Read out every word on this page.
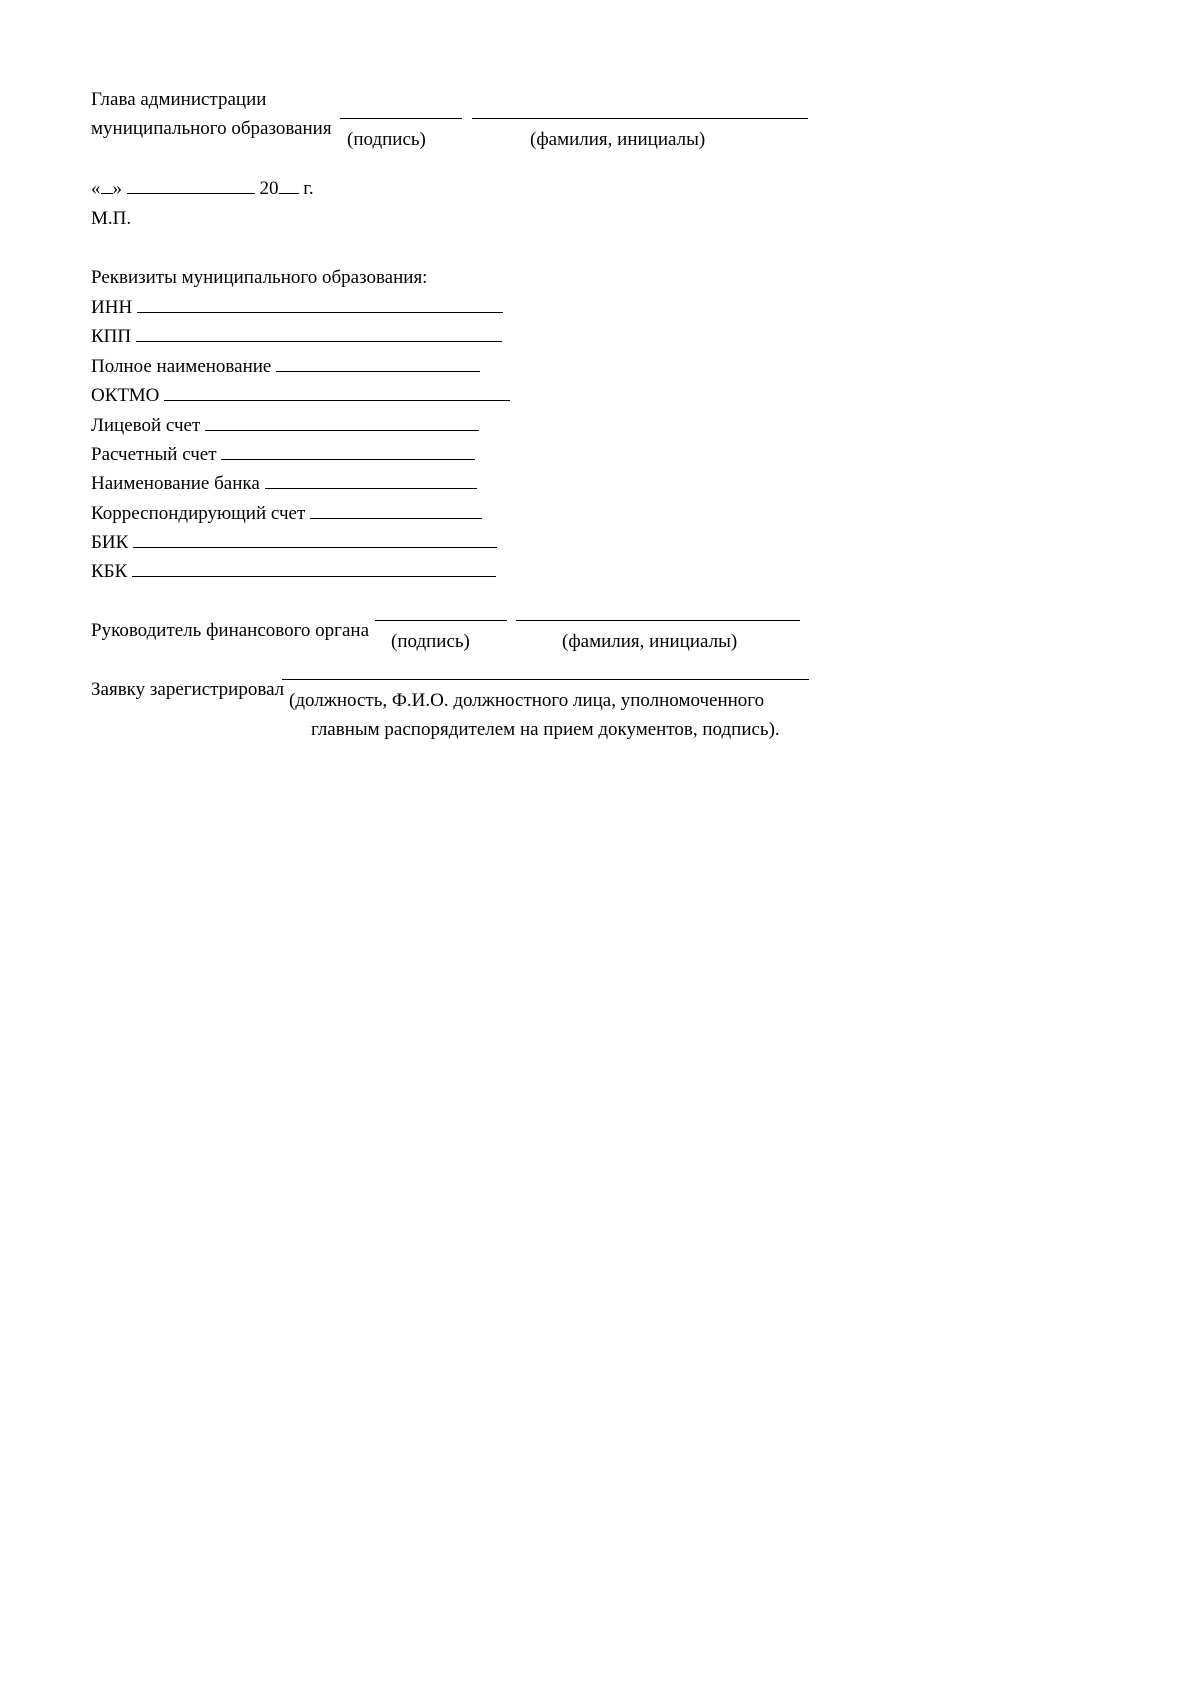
Глава администрации

муниципального образования

(подпись)	(фамилия, инициалы)

« »	20 г.

М.П.

Реквизиты муниципального образования:

ИНН

КПП

Полное наименование

ОКТМО

Лицевой счет

Расчетный счет

Наименование банка

Корреспондирующий счет

БИК

КБК

Руководитель финансового органа

(подпись)	(фамилия, инициалы)

Заявку зарегистрировал

(должность, Ф.И.О. должностного лица, уполномоченного
главным распорядителем на прием документов, подпись).
